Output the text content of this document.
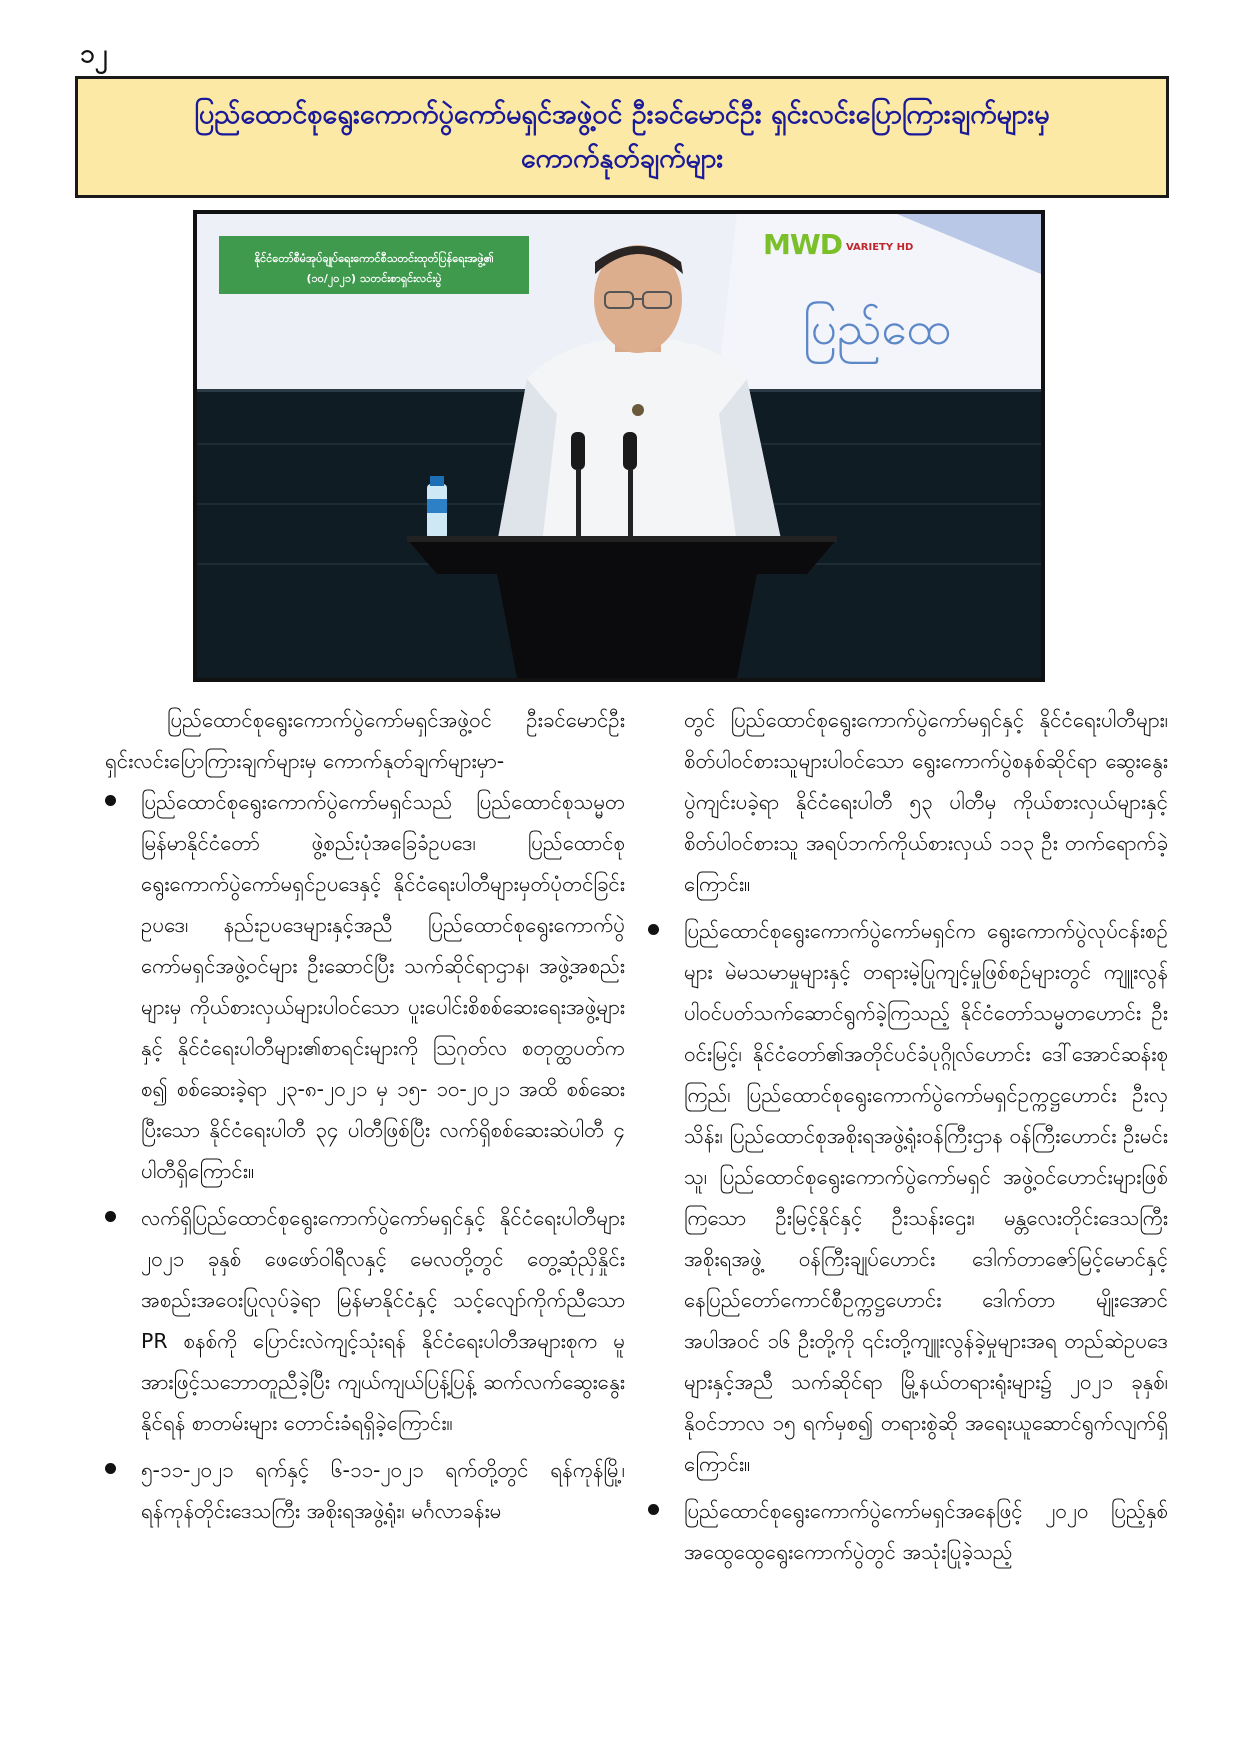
၁၂
ပြည်ထောင်စုရွေးကောက်ပွဲကော်မရှင်အဖွဲ့ဝင် ဦးခင်မောင်ဦး ရှင်းလင်းပြောကြားချက်များမှ
ကောက်နုတ်ချက်များ
နိုင်ငံတော်စီမံအုပ်ချုပ်ရေးကောင်စီသတင်းထုတ်ပြန်ရေးအဖွဲ့၏
(၁၀/၂၀၂၁) သတင်းစာရှင်းလင်းပွဲ
MWD VARIETY HD
ပြည်ထေ

ပြည်ထောင်စုရွေးကောက်ပွဲကော်မရှင်အဖွဲ့ဝင် ဦးခင်မောင်ဦး ရှင်းလင်းပြောကြားချက်များမှ ကောက်နုတ်ချက်များမှာ-

ပြည်ထောင်စုရွေးကောက်ပွဲကော်မရှင်သည် ပြည်ထောင်စုသမ္မတမြန်မာနိုင်ငံတော် ဖွဲ့စည်းပုံအခြေခံဥပဒေ၊ ပြည်ထောင်စုရွေးကောက်ပွဲကော်မရှင်ဥပဒေနှင့် နိုင်ငံရေးပါတီများမှတ်ပုံတင်ခြင်းဥပဒေ၊ နည်းဥပဒေများနှင့်အညီ ပြည်ထောင်စုရွေးကောက်ပွဲကော်မရှင်အဖွဲ့ဝင်များ ဦးဆောင်ပြီး သက်ဆိုင်ရာဌာန၊ အဖွဲ့အစည်းများမှ ကိုယ်စားလှယ်များပါဝင်သော ပူးပေါင်းစိစစ်ဆေးရေးအဖွဲ့များနှင့် နိုင်ငံရေးပါတီများ၏စာရင်းများကို သြဂုတ်လ စတုတ္ထပတ်ကစ၍ စစ်ဆေးခဲ့ရာ ၂၃-၈-၂၀၂၁ မှ ၁၅- ၁၀-၂၀၂၁ အထိ စစ်ဆေးပြီးသော နိုင်ငံရေးပါတီ ၃၄ ပါတီဖြစ်ပြီး လက်ရှိစစ်ဆေးဆဲပါတီ ၄ ပါတီရှိကြောင်း။
လက်ရှိပြည်ထောင်စုရွေးကောက်ပွဲကော်မရှင်နှင့် နိုင်ငံရေးပါတီများ ၂၀၂၁ ခုနှစ် ဖေဖော်ဝါရီလနှင့် မေလတို့တွင် တွေ့ဆုံညှိနှိုင်းအစည်းအဝေးပြုလုပ်ခဲ့ရာ မြန်မာနိုင်ငံနှင့် သင့်လျော်ကိုက်ညီသော PR စနစ်ကို ပြောင်းလဲကျင့်သုံးရန် နိုင်ငံရေးပါတီအများစုက မူအားဖြင့်သဘောတူညီခဲ့ပြီး ကျယ်ကျယ်ပြန့်ပြန့် ဆက်လက်ဆွေးနွေးနိုင်ရန် စာတမ်းများ တောင်းခံရရှိခဲ့ကြောင်း။
၅-၁၁-၂၀၂၁ ရက်နှင့် ၆-၁၁-၂၀၂၁ ရက်တို့တွင် ရန်ကုန်မြို့၊ ရန်ကုန်တိုင်းဒေသကြီး အစိုးရအဖွဲ့ရုံး၊ မင်္ဂလာခန်းမ

တွင် ပြည်ထောင်စုရွေးကောက်ပွဲကော်မရှင်နှင့် နိုင်ငံရေးပါတီများ၊ စိတ်ပါဝင်စားသူများပါဝင်သော ရွေးကောက်ပွဲစနစ်ဆိုင်ရာ ဆွေးနွေးပွဲကျင်းပခဲ့ရာ နိုင်ငံရေးပါတီ ၅၃ ပါတီမှ ကိုယ်စားလှယ်များနှင့် စိတ်ပါဝင်စားသူ အရပ်ဘက်ကိုယ်စားလှယ် ၁၁၃ ဦး တက်ရောက်ခဲ့ကြောင်း။

ပြည်ထောင်စုရွေးကောက်ပွဲကော်မရှင်က ရွေးကောက်ပွဲလုပ်ငန်းစဉ်များ မဲမသမာမှုများနှင့် တရားမဲ့ပြုကျင့်မှုဖြစ်စဉ်များတွင် ကျူးလွန်ပါဝင်ပတ်သက်ဆောင်ရွက်ခဲ့ကြသည့် နိုင်ငံတော်သမ္မတဟောင်း ဦးဝင်းမြင့်၊ နိုင်ငံတော်၏အတိုင်ပင်ခံပုဂ္ဂိုလ်ဟောင်း ဒေါ်အောင်ဆန်းစုကြည်၊ ပြည်ထောင်စုရွေးကောက်ပွဲကော်မရှင်ဥက္ကဋ္ဌဟောင်း ဦးလှသိန်း၊ ပြည်ထောင်စုအစိုးရအဖွဲ့ရုံးဝန်ကြီးဌာန ဝန်ကြီးဟောင်း ဦးမင်းသူ၊ ပြည်ထောင်စုရွေးကောက်ပွဲကော်မရှင် အဖွဲ့ဝင်ဟောင်းများဖြစ်ကြသော ဦးမြင့်နိုင်နှင့် ဦးသန်းဌေး၊ မန္တလေးတိုင်းဒေသကြီးအစိုးရအဖွဲ့ ဝန်ကြီးချုပ်ဟောင်း ဒေါက်တာဇော်မြင့်မောင်နှင့် နေပြည်တော်ကောင်စီဥက္ကဋ္ဌဟောင်း ဒေါက်တာ မျိုးအောင်အပါအဝင် ၁၆ ဦးတို့ကို ၎င်းတို့ကျူးလွန်ခဲ့မှုများအရ တည်ဆဲဥပဒေများနှင့်အညီ သက်ဆိုင်ရာ မြို့နယ်တရားရုံးများ၌ ၂၀၂၁ ခုနှစ်၊ နိုဝင်ဘာလ ၁၅ ရက်မှစ၍ တရားစွဲဆို အရေးယူဆောင်ရွက်လျက်ရှိကြောင်း။
ပြည်ထောင်စုရွေးကောက်ပွဲကော်မရှင်အနေဖြင့် ၂၀၂၀ ပြည့်နှစ် အထွေထွေရွေးကောက်ပွဲတွင် အသုံးပြုခဲ့သည့်
